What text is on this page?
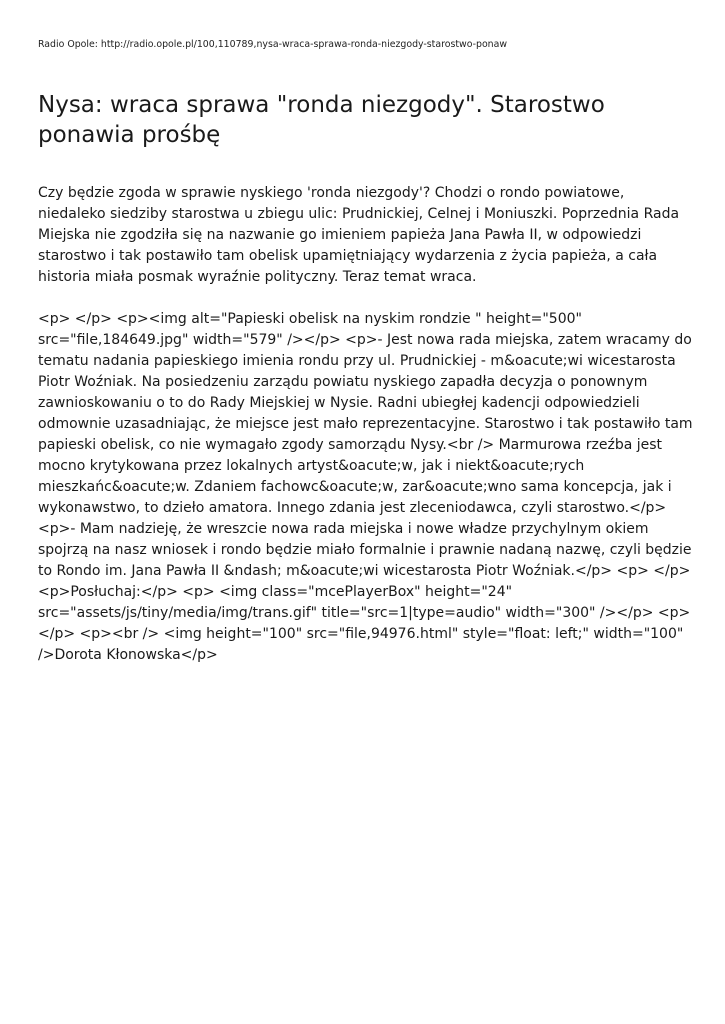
Radio Opole: http://radio.opole.pl/100,110789,nysa-wraca-sprawa-ronda-niezgody-starostwo-ponaw
Nysa: wraca sprawa "ronda niezgody". Starostwo ponawia prośbę

Czy będzie zgoda w sprawie nyskiego 'ronda niezgody'? Chodzi o rondo powiatowe, niedaleko siedziby starostwa u zbiegu ulic: Prudnickiej, Celnej i Moniuszki. Poprzednia Rada Miejska nie zgodziła się na nazwanie go imieniem papieża Jana Pawła II, w odpowiedzi starostwo i tak postawiło tam obelisk upamiętniający wydarzenia z życia papieża, a cała historia miała posmak wyraźnie polityczny. Teraz temat wraca.

<p> </p> <p><img alt="Papieski obelisk na nyskim rondzie " height="500" src="file,184649.jpg" width="579" /></p> <p>- Jest nowa rada miejska, zatem wracamy do tematu nadania papieskiego imienia rondu przy ul. Prudnickiej - m&oacute;wi wicestarosta Piotr Woźniak. Na posiedzeniu zarządu powiatu nyskiego zapadła decyzja o ponownym zawnioskowaniu o to do Rady Miejskiej w Nysie. Radni ubiegłej kadencji odpowiedzieli odmownie uzasadniając, że miejsce jest mało reprezentacyjne. Starostwo i tak postawiło tam papieski obelisk, co nie wymagało zgody samorządu Nysy.<br /> Marmurowa rzeźba jest mocno krytykowana przez lokalnych artyst&oacute;w, jak i niekt&oacute;rych mieszkańc&oacute;w. Zdaniem fachowc&oacute;w, zar&oacute;wno sama koncepcja, jak i wykonawstwo, to dzieło amatora. Innego zdania jest zleceniodawca, czyli starostwo.</p> <p>- Mam nadzieję, że wreszcie nowa rada miejska i nowe władze przychylnym okiem spojrzą na nasz wniosek i rondo będzie miało formalnie i prawnie nadaną nazwę, czyli będzie to Rondo im. Jana Pawła II &ndash; m&oacute;wi wicestarosta Piotr Woźniak.</p> <p> </p> <p>Posłuchaj:</p> <p> <img class="mcePlayerBox" height="24" src="assets/js/tiny/media/img/trans.gif" title="src=1|type=audio" width="300" /></p> <p> </p> <p><br /> <img height="100" src="file,94976.html" style="float: left;" width="100" />Dorota Kłonowska</p>
